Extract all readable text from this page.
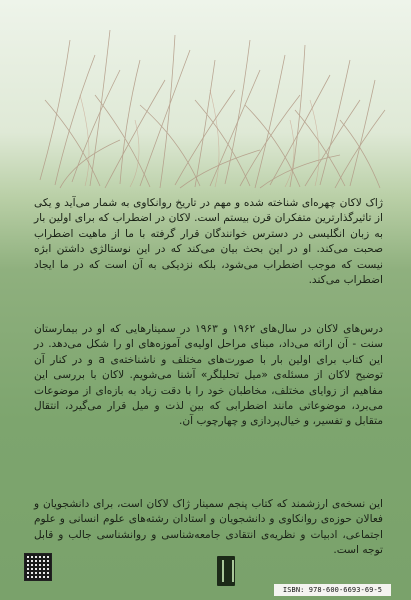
ژاک لاکان چهره‌ای شناخته شده و مهم در تاریخ روانکاوی به شمار می‌آید و یکی از تاثیرگذارترین متفکران قرن بیستم است. لاکان در اضطراب که برای اولین بار به زبان انگلیسی در دسترس خوانندگان قرار گرفته با ما از ماهیت اضطراب صحبت می‌کند. او در این بحث بیان می‌کند که در این نوستالژی داشتن ابژه نیست که موجب اضطراب می‌شود، بلکه نزدیکی به آن است که در ما ایجاد اضطراب می‌کند.
درس‌های لاکان در سال‌های ۱۹۶۲ و ۱۹۶۳ در سمینارهایی که او در بیمارستان سنت - آن ارائه می‌داد، مبنای مراحل اولیه‌ی آموزه‌های او را شکل می‌دهد. در این کتاب برای اولین بار با صورت‌های مختلف و ناشناخته‌ی a و در کنار آن توضیح لاکان از مسئله‌ی «میل تحلیلگر» آشنا می‌شویم. لاکان با بررسی این مفاهیم از زوایای مختلف، مخاطبان خود را با دقت زیاد به بازه‌ای از موضوعات می‌برد، موضوعاتی مانند اضطرابی که بین لذت و میل قرار می‌گیرد، انتقال متقابل و تفسیر، و خیال‌پردازی و چهارچوب آن.
این نسخه‌ی ارزشمند که کتاب پنجم سمینار ژاک لاکان است، برای دانشجویان و فعالان حوزه‌ی روانکاوی و دانشجویان و استادان رشته‌های علوم انسانی و علوم اجتماعی، ادبیات و نظریه‌ی انتقادی جامعه‌شناسی و روانشناسی جالب و قابل توجه است.
ISBN: 978-600-6693-69-5
